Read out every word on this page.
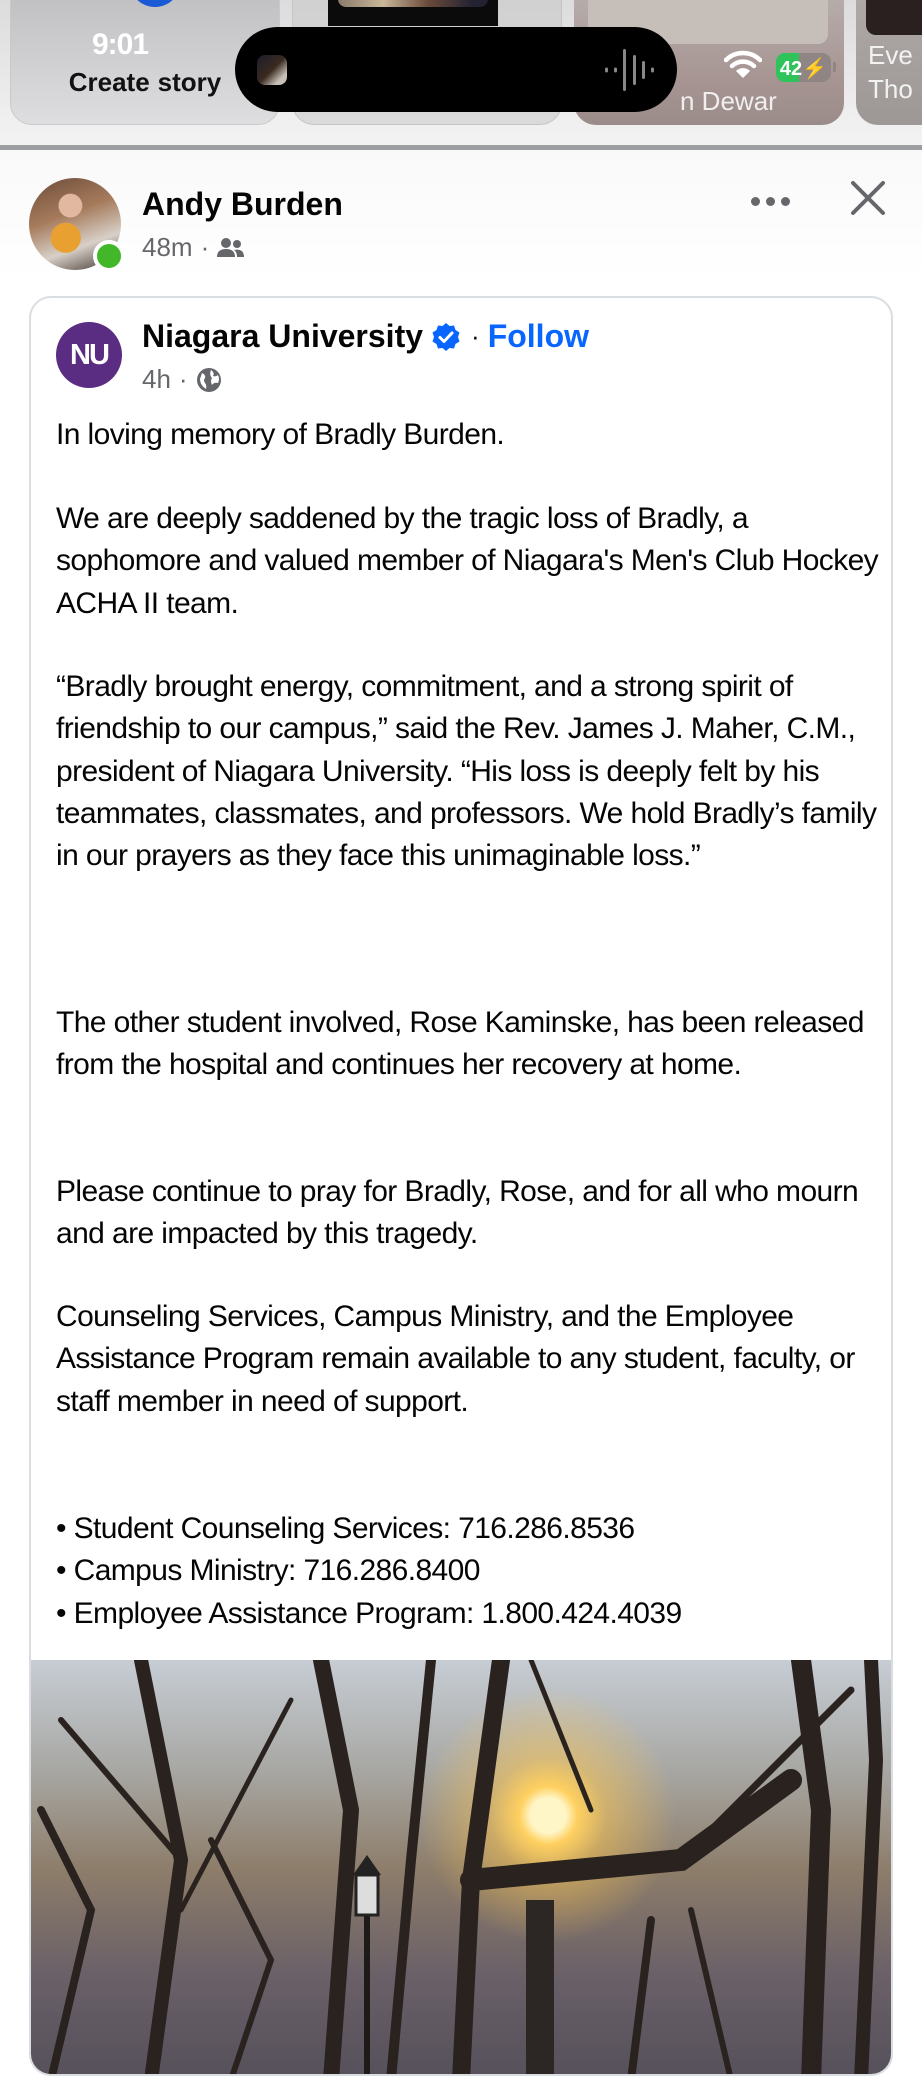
Create story
n Dewar
Eve
Tho
9:01
42⚡
Andy Burden
48m ·
NU
Niagara University · Follow
4h ·

In loving memory of Bradly Burden.

We are deeply saddened by the tragic loss of Bradly, a sophomore and valued member of Niagara's Men's Club Hockey ACHA II team.

“Bradly brought energy, commitment, and a strong spirit of friendship to our campus,” said the Rev. James J. Maher, C.M., president of Niagara University. “His loss is deeply felt by his teammates, classmates, and professors. We hold Bradly’s family in our prayers as they face this unimaginable loss.”

The other student involved, Rose Kaminske, has been released from the hospital and continues her recovery at home.

Please continue to pray for Bradly, Rose, and for all who mourn and are impacted by this tragedy.

Counseling Services, Campus Ministry, and the Employee Assistance Program remain available to any student, faculty, or staff member in need of support.

• Student Counseling Services: 716.286.8536
• Campus Ministry: 716.286.8400
• Employee Assistance Program: 1.800.424.4039
